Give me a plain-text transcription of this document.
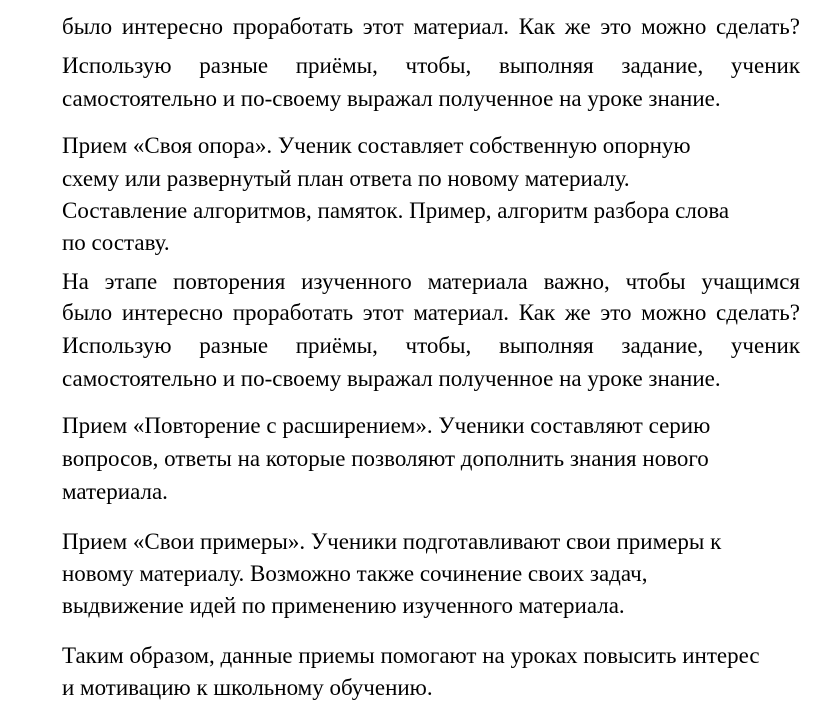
было интересно проработать этот материал. Как же это можно сделать?
Использую разные приёмы, чтобы, выполняя задание, ученик
самостоятельно и по-своему выражал полученное на уроке знание.
Прием «Своя опора». Ученик составляет собственную опорную
схему или развернутый план ответа по новому материалу.
Составление алгоритмов, памяток. Пример, алгоритм разбора слова
по составу.
На этапе повторения изученного материала важно, чтобы учащимся
было интересно проработать этот материал. Как же это можно сделать?
Использую разные приёмы, чтобы, выполняя задание, ученик
самостоятельно и по-своему выражал полученное на уроке знание.
Прием «Повторение с расширением». Ученики составляют серию
вопросов, ответы на которые позволяют дополнить знания нового
материала.
Прием «Свои примеры». Ученики подготавливают свои примеры к
новому материалу. Возможно также сочинение своих задач,
выдвижение идей по применению изученного материала.
Таким образом, данные приемы помогают на уроках повысить интерес
и мотивацию к школьному обучению.
